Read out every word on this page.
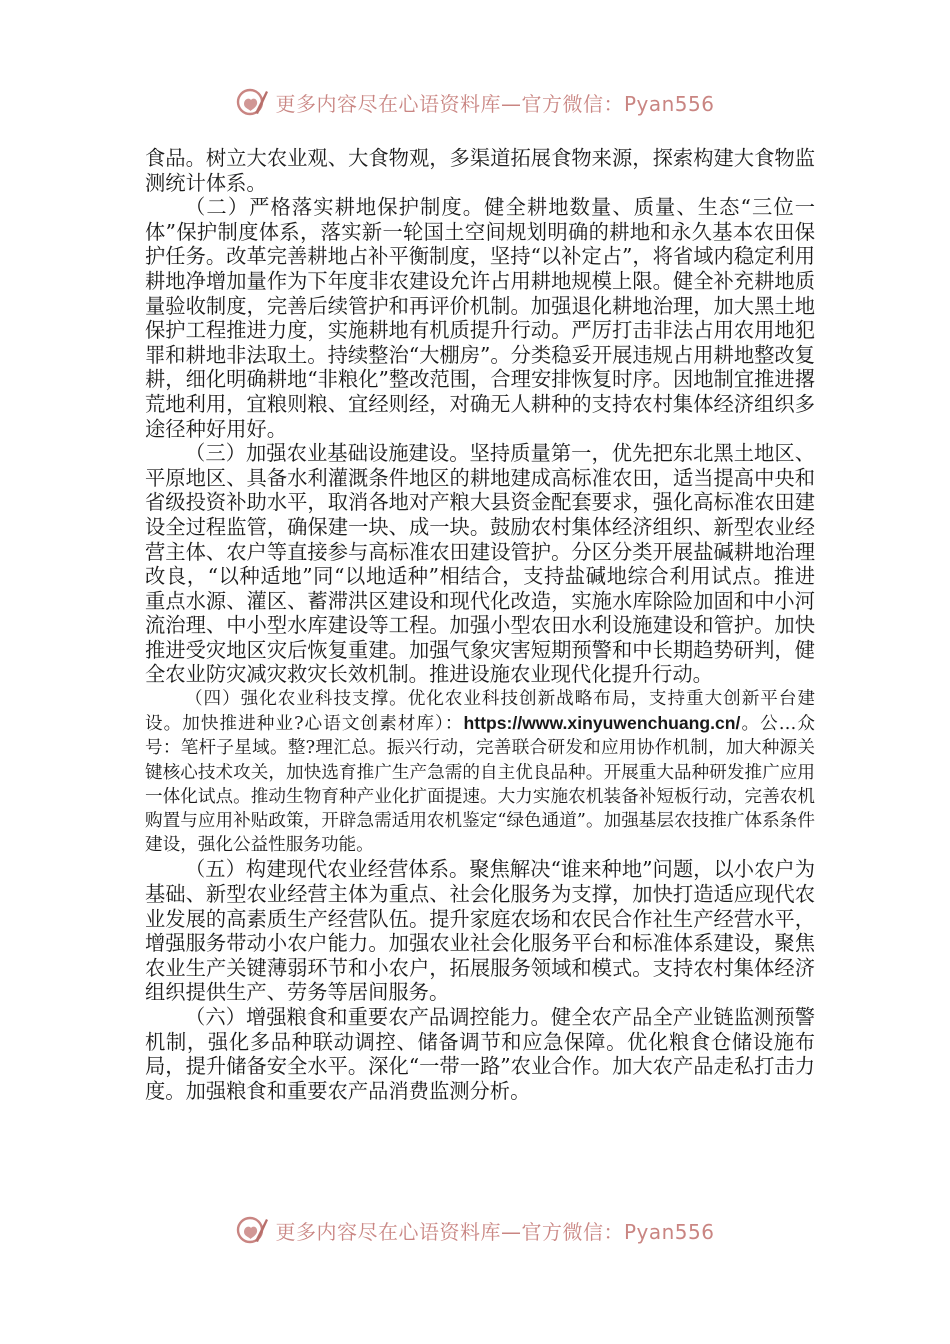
更多内容尽在心语资料库—官方微信：Pyan556

食品。树立大农业观、大食物观，多渠道拓展食物来源，探索构建大食物监测统计体系。

（二）严格落实耕地保护制度。健全耕地数量、质量、生态“三位一体”保护制度体系，落实新一轮国土空间规划明确的耕地和永久基本农田保护任务。改革完善耕地占补平衡制度，坚持“以补定占”，将省域内稳定利用耕地净增加量作为下年度非农建设允许占用耕地规模上限。健全补充耕地质量验收制度，完善后续管护和再评价机制。加强退化耕地治理，加大黑土地保护工程推进力度，实施耕地有机质提升行动。严厉打击非法占用农用地犯罪和耕地非法取土。持续整治“大棚房”。分类稳妥开展违规占用耕地整改复耕，细化明确耕地“非粮化”整改范围，合理安排恢复时序。因地制宜推进撂荒地利用，宜粮则粮、宜经则经，对确无人耕种的支持农村集体经济组织多途径种好用好。

（三）加强农业基础设施建设。坚持质量第一，优先把东北黑土地区、平原地区、具备水利灌溉条件地区的耕地建成高标准农田，适当提高中央和省级投资补助水平，取消各地对产粮大县资金配套要求，强化高标准农田建设全过程监管，确保建一块、成一块。鼓励农村集体经济组织、新型农业经营主体、农户等直接参与高标准农田建设管护。分区分类开展盐碱耕地治理改良，“以种适地”同“以地适种”相结合，支持盐碱地综合利用试点。推进重点水源、灌区、蓄滞洪区建设和现代化改造，实施水库除险加固和中小河流治理、中小型水库建设等工程。加强小型农田水利设施建设和管护。加快推进受灾地区灾后恢复重建。加强气象灾害短期预警和中长期趋势研判，健全农业防灾减灾救灾长效机制。推进设施农业现代化提升行动。

（四）强化农业科技支撑。优化农业科技创新战略布局，支持重大创新平台建设。加快推进种业?心语文创素材库）：https://www.xinyuwenchuang.cn/。公…众号：笔杆子星域。整?理汇总。振兴行动，完善联合研发和应用协作机制，加大种源关键核心技术攻关，加快选育推广生产急需的自主优良品种。开展重大品种研发推广应用一体化试点。推动生物育种产业化扩面提速。大力实施农机装备补短板行动，完善农机购置与应用补贴政策，开辟急需适用农机鉴定“绿色通道”。加强基层农技推广体系条件建设，强化公益性服务功能。

（五）构建现代农业经营体系。聚焦解决“谁来种地”问题，以小农户为基础、新型农业经营主体为重点、社会化服务为支撑，加快打造适应现代农业发展的高素质生产经营队伍。提升家庭农场和农民合作社生产经营水平，增强服务带动小农户能力。加强农业社会化服务平台和标准体系建设，聚焦农业生产关键薄弱环节和小农户，拓展服务领域和模式。支持农村集体经济组织提供生产、劳务等居间服务。

（六）增强粮食和重要农产品调控能力。健全农产品全产业链监测预警机制，强化多品种联动调控、储备调节和应急保障。优化粮食仓储设施布局，提升储备安全水平。深化“一带一路”农业合作。加大农产品走私打击力度。加强粮食和重要农产品消费监测分析。

更多内容尽在心语资料库—官方微信：Pyan556
